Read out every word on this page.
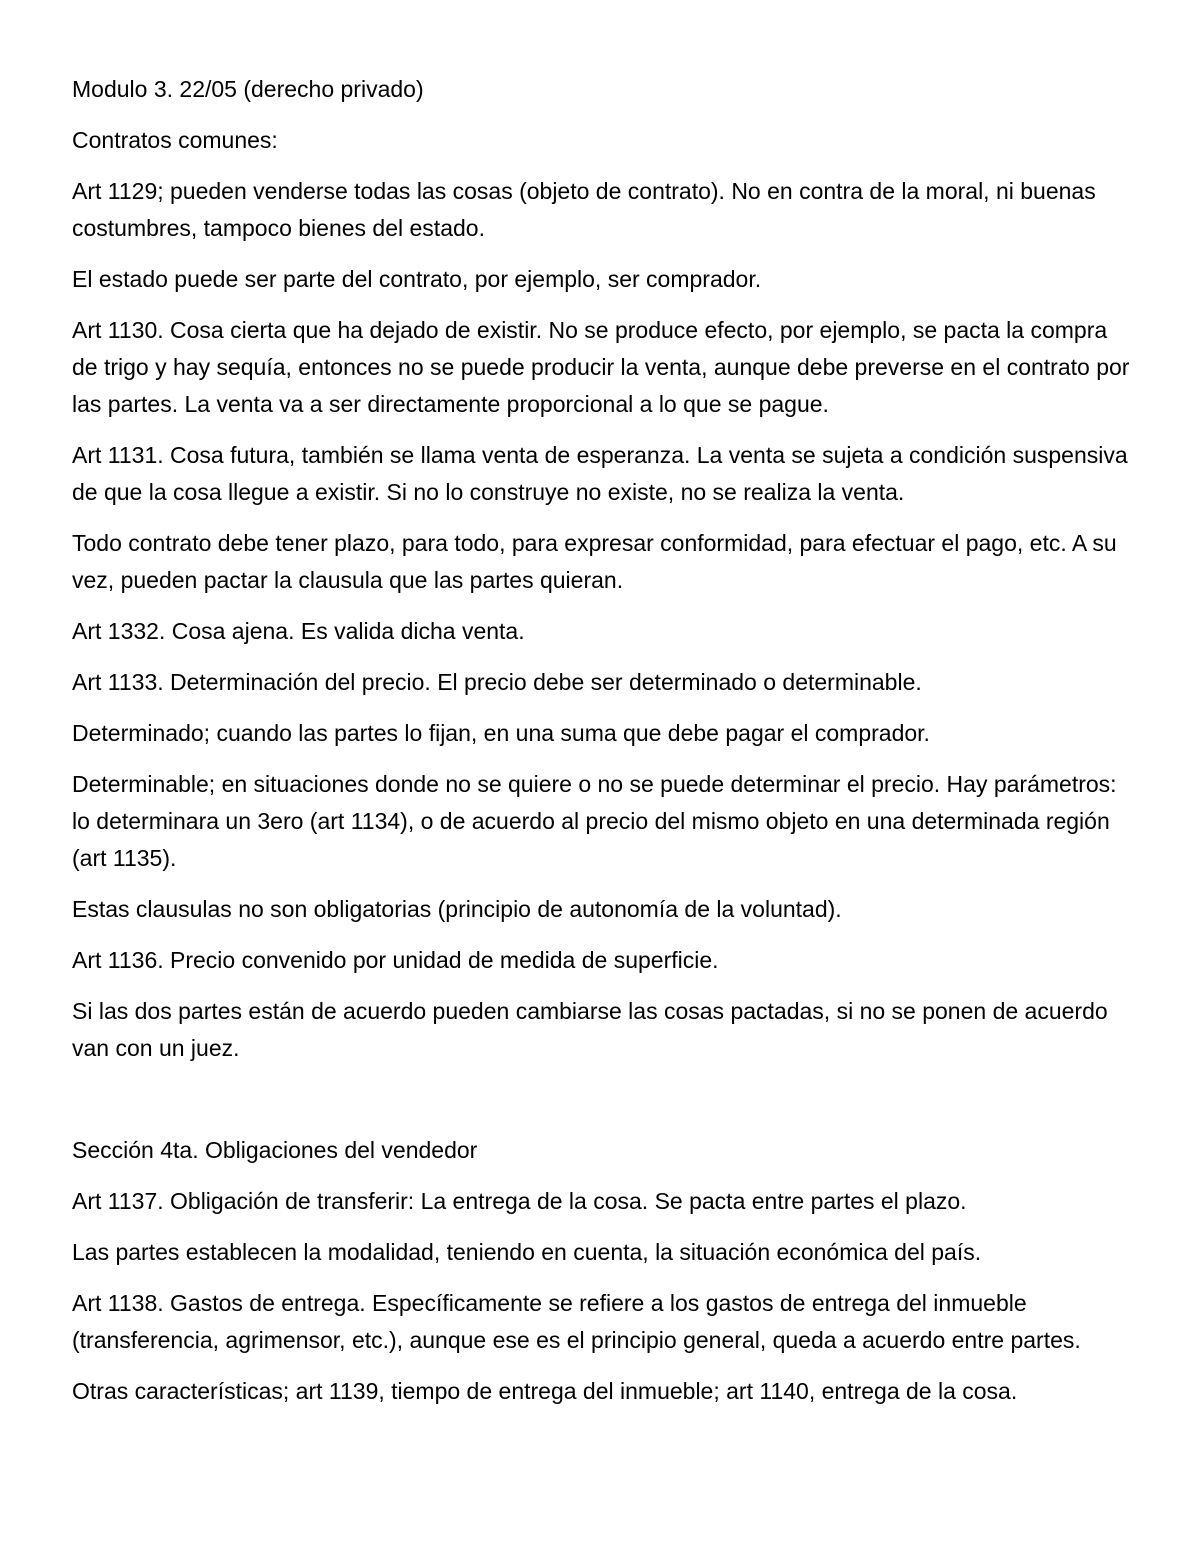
Modulo 3. 22/05 (derecho privado)

Contratos comunes:

Art 1129; pueden venderse todas las cosas (objeto de contrato). No en contra de la moral, ni buenas costumbres, tampoco bienes del estado.

El estado puede ser parte del contrato, por ejemplo, ser comprador.

Art 1130. Cosa cierta que ha dejado de existir. No se produce efecto, por ejemplo, se pacta la compra de trigo y hay sequía, entonces no se puede producir la venta, aunque debe preverse en el contrato por las partes. La venta va a ser directamente proporcional a lo que se pague.

Art 1131. Cosa futura, también se llama venta de esperanza. La venta se sujeta a condición suspensiva de que la cosa llegue a existir. Si no lo construye no existe, no se realiza la venta.

Todo contrato debe tener plazo, para todo, para expresar conformidad, para efectuar el pago, etc. A su vez, pueden pactar la clausula que las partes quieran.

Art 1332. Cosa ajena. Es valida dicha venta.

Art 1133. Determinación del precio. El precio debe ser determinado o determinable.

Determinado; cuando las partes lo fijan, en una suma que debe pagar el comprador.

Determinable; en situaciones donde no se quiere o no se puede determinar el precio. Hay parámetros: lo determinara un 3ero (art 1134), o de acuerdo al precio del mismo objeto en una determinada región (art 1135).

Estas clausulas no son obligatorias (principio de autonomía de la voluntad).

Art 1136. Precio convenido por unidad de medida de superficie.

Si las dos partes están de acuerdo pueden cambiarse las cosas pactadas, si no se ponen de acuerdo van con un juez.

Sección 4ta. Obligaciones del vendedor

Art 1137. Obligación de transferir: La entrega de la cosa. Se pacta entre partes el plazo.

Las partes establecen la modalidad, teniendo en cuenta, la situación económica del país.

Art 1138. Gastos de entrega. Específicamente se refiere a los gastos de entrega del inmueble (transferencia, agrimensor, etc.), aunque ese es el principio general, queda a acuerdo entre partes.

Otras características; art 1139, tiempo de entrega del inmueble; art 1140, entrega de la cosa.
